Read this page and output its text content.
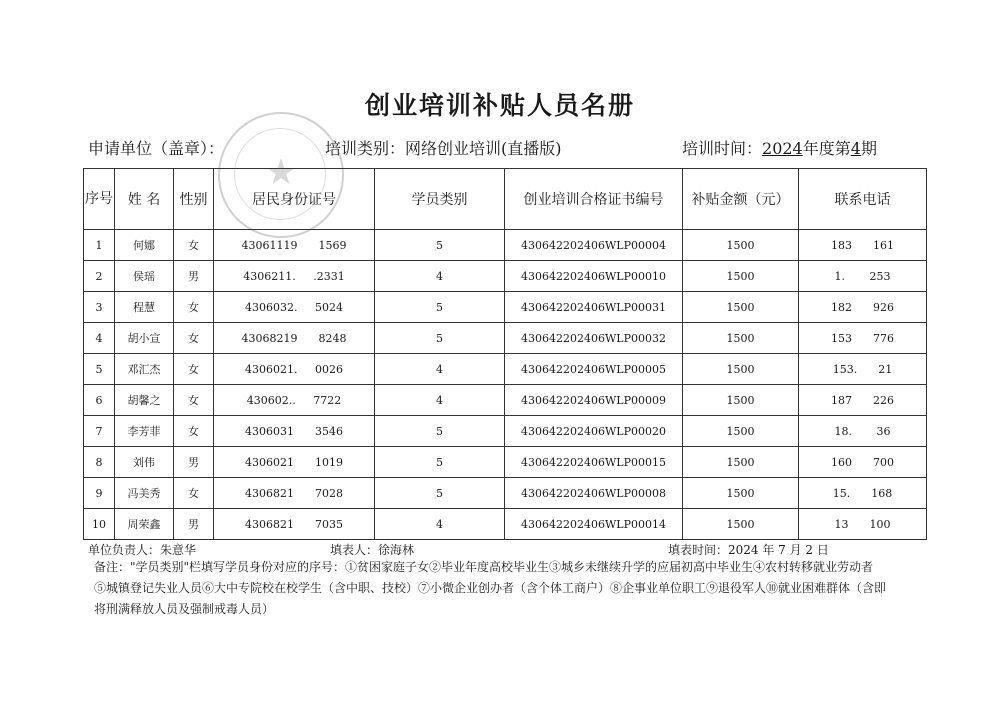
创业培训补贴人员名册
申请单位（盖章）：	培训类别：网络创业培训(直播版)	培训时间：2024年度第4期
★
序号	姓 名	性别	居民身份证号	学员类别	创业培训合格证书编号	补贴金额（元）	联系电话
1	何娜	女	43061119      1569	5	430642202406WLP00004	1500	183      161
2	侯瑶	男	4306211.     .2331	4	430642202406WLP00010	1500	1.       253
3	程慧	女	4306032.     5024	5	430642202406WLP00031	1500	182      926
4	胡小宣	女	43068219      8248	5	430642202406WLP00032	1500	153      776
5	邓汇杰	女	4306021.     0026	4	430642202406WLP00005	1500	153.      21
6	胡馨之	女	430602..     7722	4	430642202406WLP00009	1500	187      226
7	李芳菲	女	4306031      3546	5	430642202406WLP00020	1500	18.       36
8	刘伟	男	4306021      1019	5	430642202406WLP00015	1500	160      700
9	冯美秀	女	4306821      7028	5	430642202406WLP00008	1500	15.      168
10	周荣鑫	男	4306821      7035	4	430642202406WLP00014	1500	13      100
单位负责人：朱意华	填表人：徐海林	填表时间：2024 年 7 月 2 日
备注："学员类别"栏填写学员身份对应的序号：①贫困家庭子女②毕业年度高校毕业生③城乡未继续升学的应届初高中毕业生④农村转移就业劳动者
⑤城镇登记失业人员⑥大中专院校在校学生（含中职、技校）⑦小微企业创办者（含个体工商户）⑧企事业单位职工⑨退役军人⑩就业困难群体（含即
将刑满释放人员及强制戒毒人员）
